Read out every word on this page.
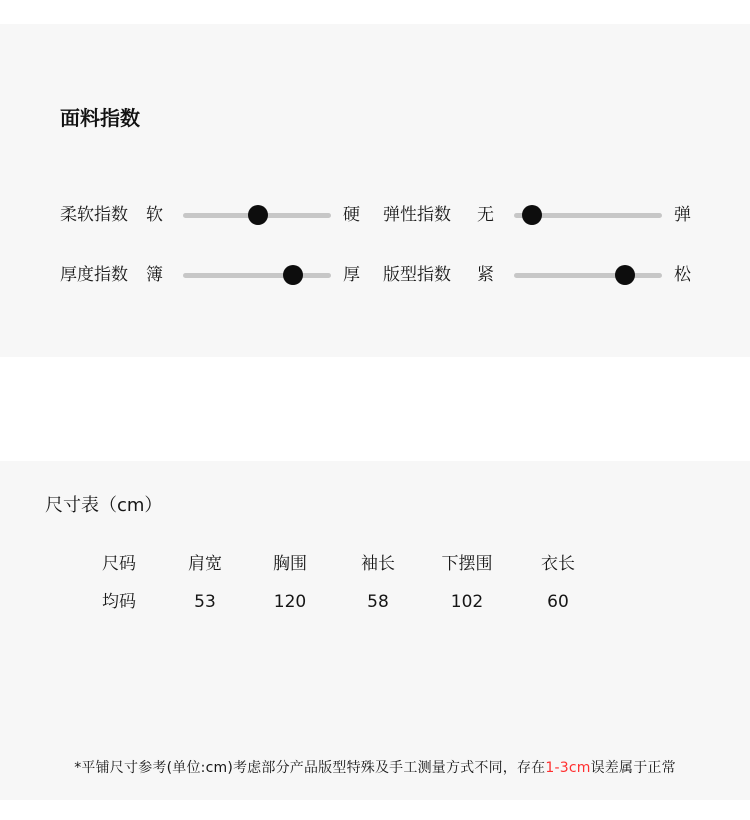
面料指数
柔软指数 软	硬 弹性指数	无	弹
厚度指数 簿	厚 版型指数	紧	松
尺寸表（cm）
尺码	肩宽	胸围	袖长	下摆围	衣长
均码	53	120	58	102	60
*平铺尺寸参考(单位:cm)考虑部分产品版型特殊及手工测量方式不同，存在1-3cm误差属于正常
